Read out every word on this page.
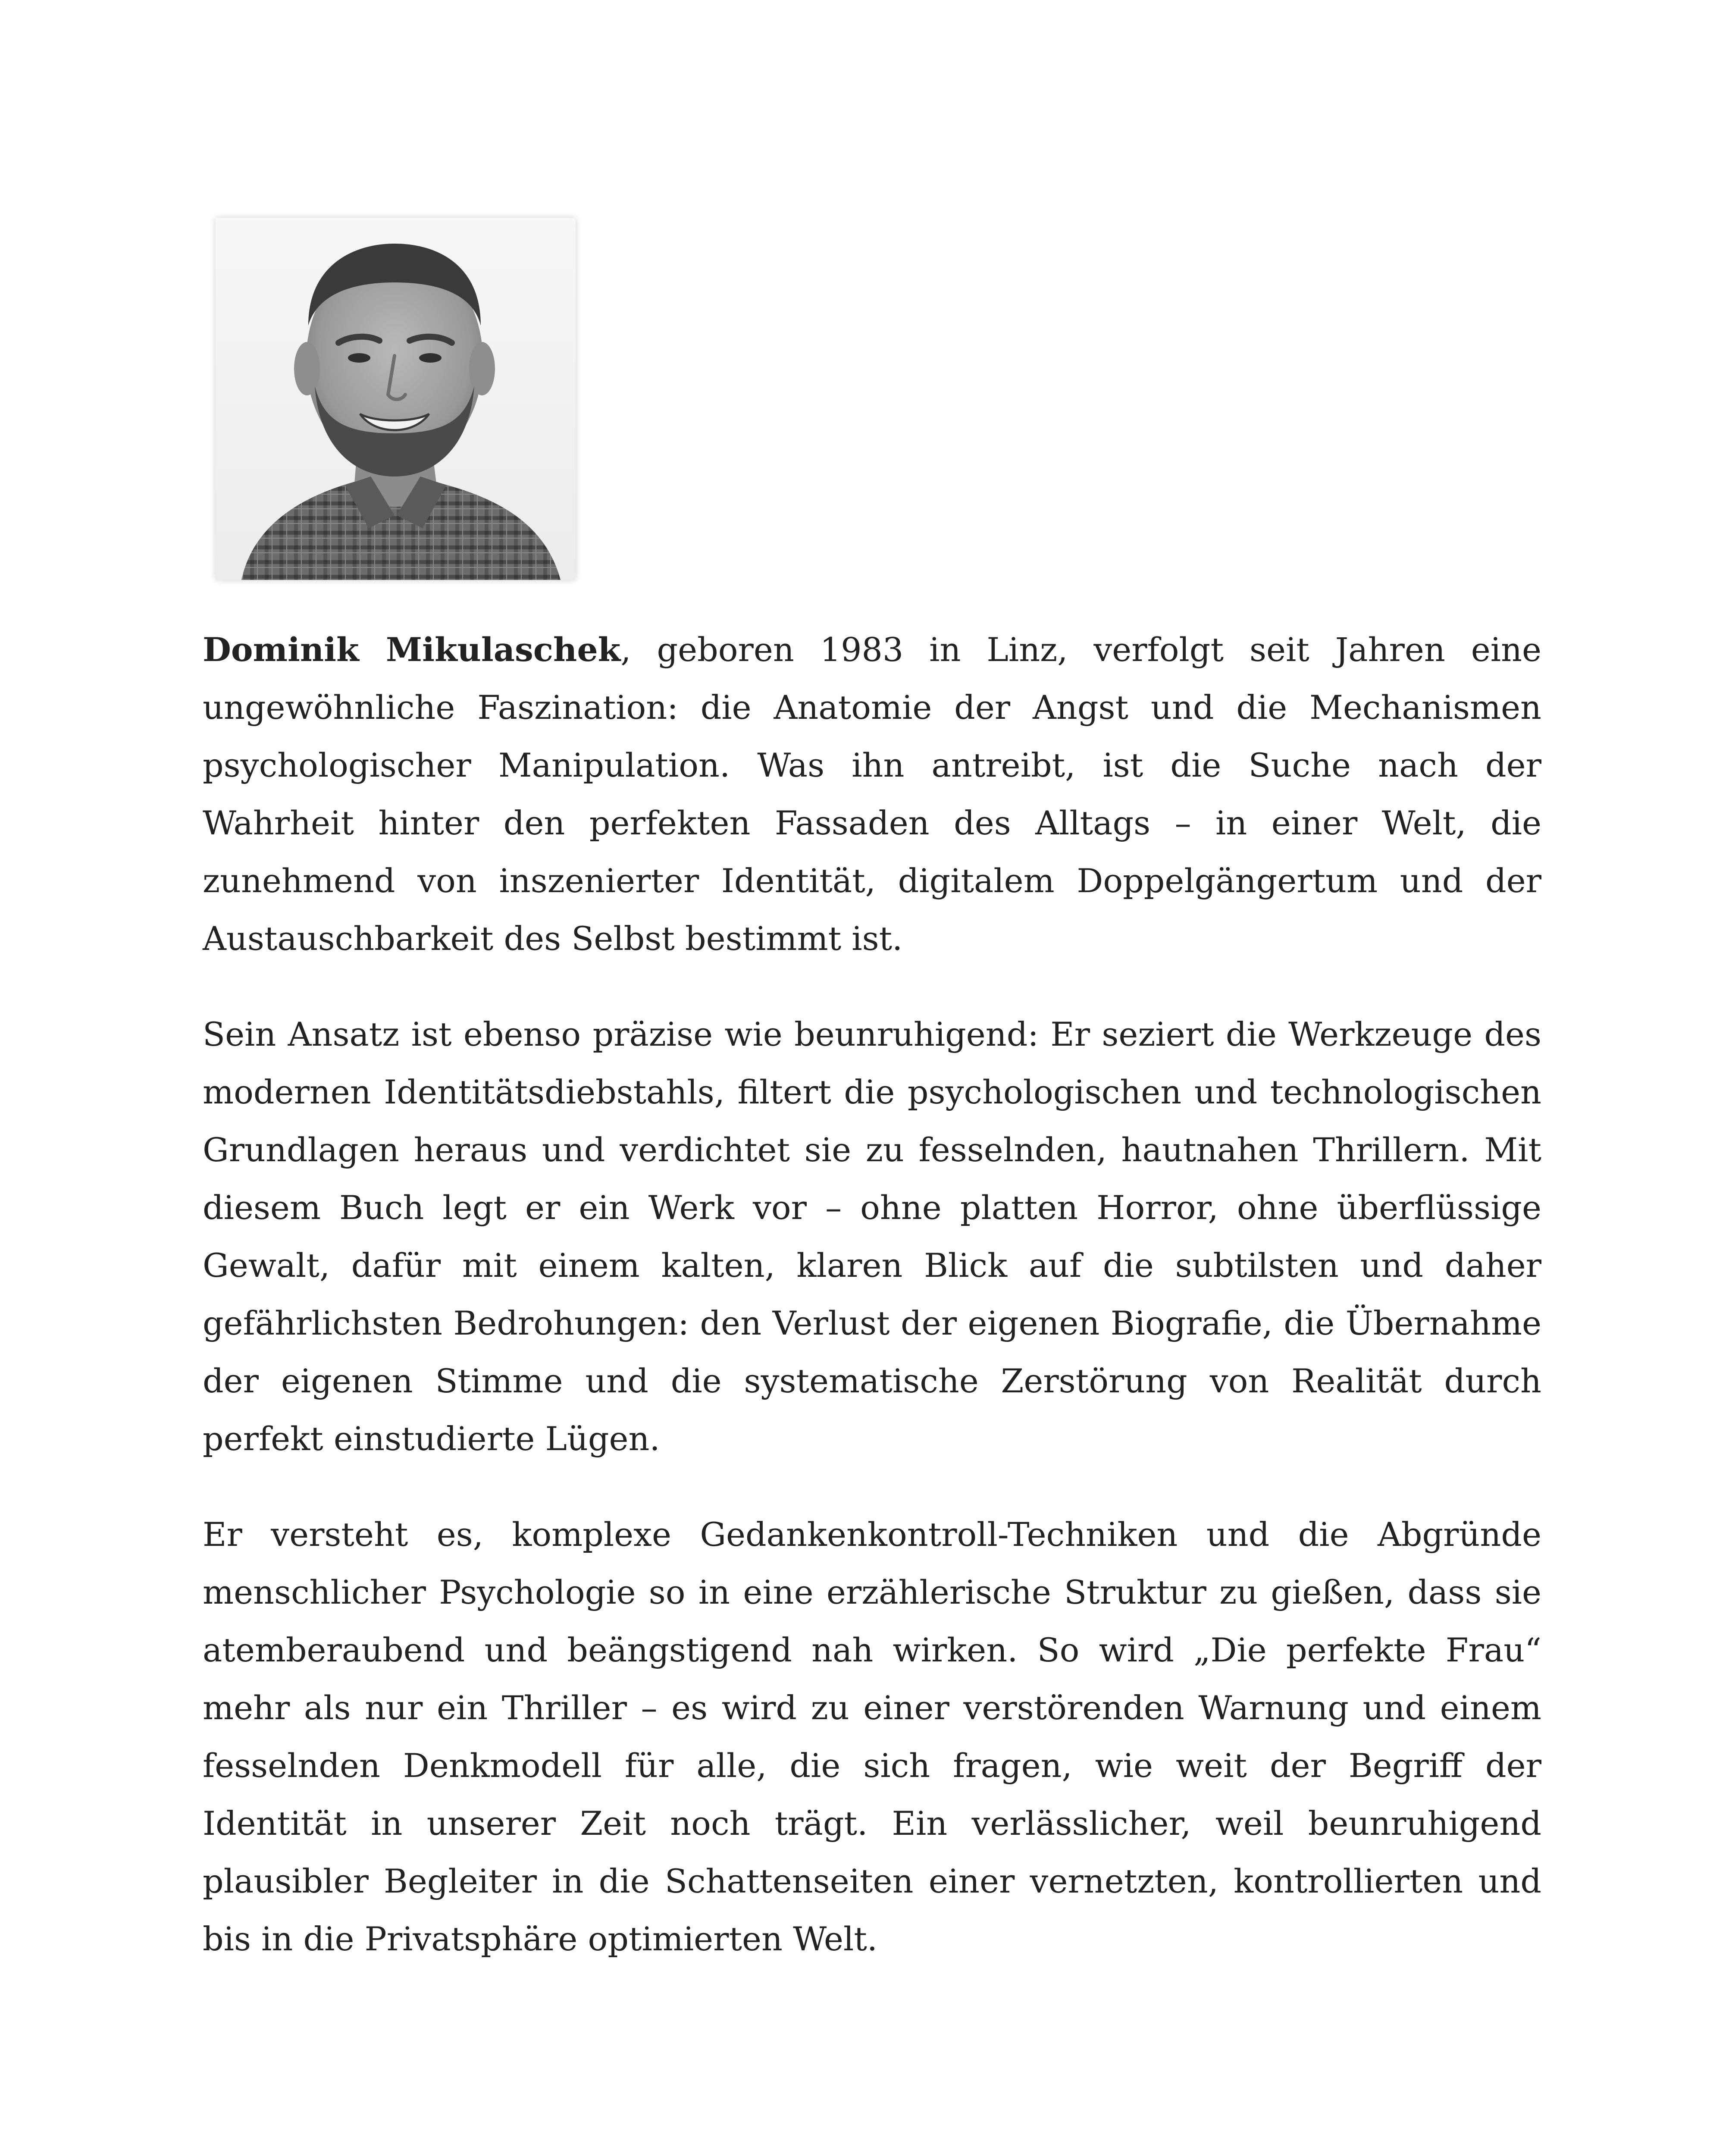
Dominik Mikulaschek, geboren 1983 in Linz, verfolgt seit Jahren eine ungewöhnliche Faszination: die Anatomie der Angst und die Mechanismen psychologischer Manipulation. Was ihn antreibt, ist die Suche nach der Wahrheit hinter den perfekten Fassaden des Alltags – in einer Welt, die zunehmend von inszenierter Identität, digitalem Doppelgängertum und der Austauschbarkeit des Selbst bestimmt ist.

Sein Ansatz ist ebenso präzise wie beunruhigend: Er seziert die Werkzeuge des modernen Identitätsdiebstahls, filtert die psychologischen und technologischen Grundlagen heraus und verdichtet sie zu fesselnden, hautnahen Thrillern. Mit diesem Buch legt er ein Werk vor – ohne platten Horror, ohne überflüssige Gewalt, dafür mit einem kalten, klaren Blick auf die subtilsten und daher gefährlichsten Bedrohungen: den Verlust der eigenen Biografie, die Übernahme der eigenen Stimme und die systematische Zerstörung von Realität durch perfekt einstudierte Lügen.

Er versteht es, komplexe Gedankenkontroll-Techniken und die Abgründe menschlicher Psychologie so in eine erzählerische Struktur zu gießen, dass sie atemberaubend und beängstigend nah wirken. So wird „Die perfekte Frau“ mehr als nur ein Thriller – es wird zu einer verstörenden Warnung und einem fesselnden Denkmodell für alle, die sich fragen, wie weit der Begriff der Identität in unserer Zeit noch trägt. Ein verlässlicher, weil beunruhigend plausibler Begleiter in die Schattenseiten einer vernetzten, kontrollierten und bis in die Privatsphäre optimierten Welt.
